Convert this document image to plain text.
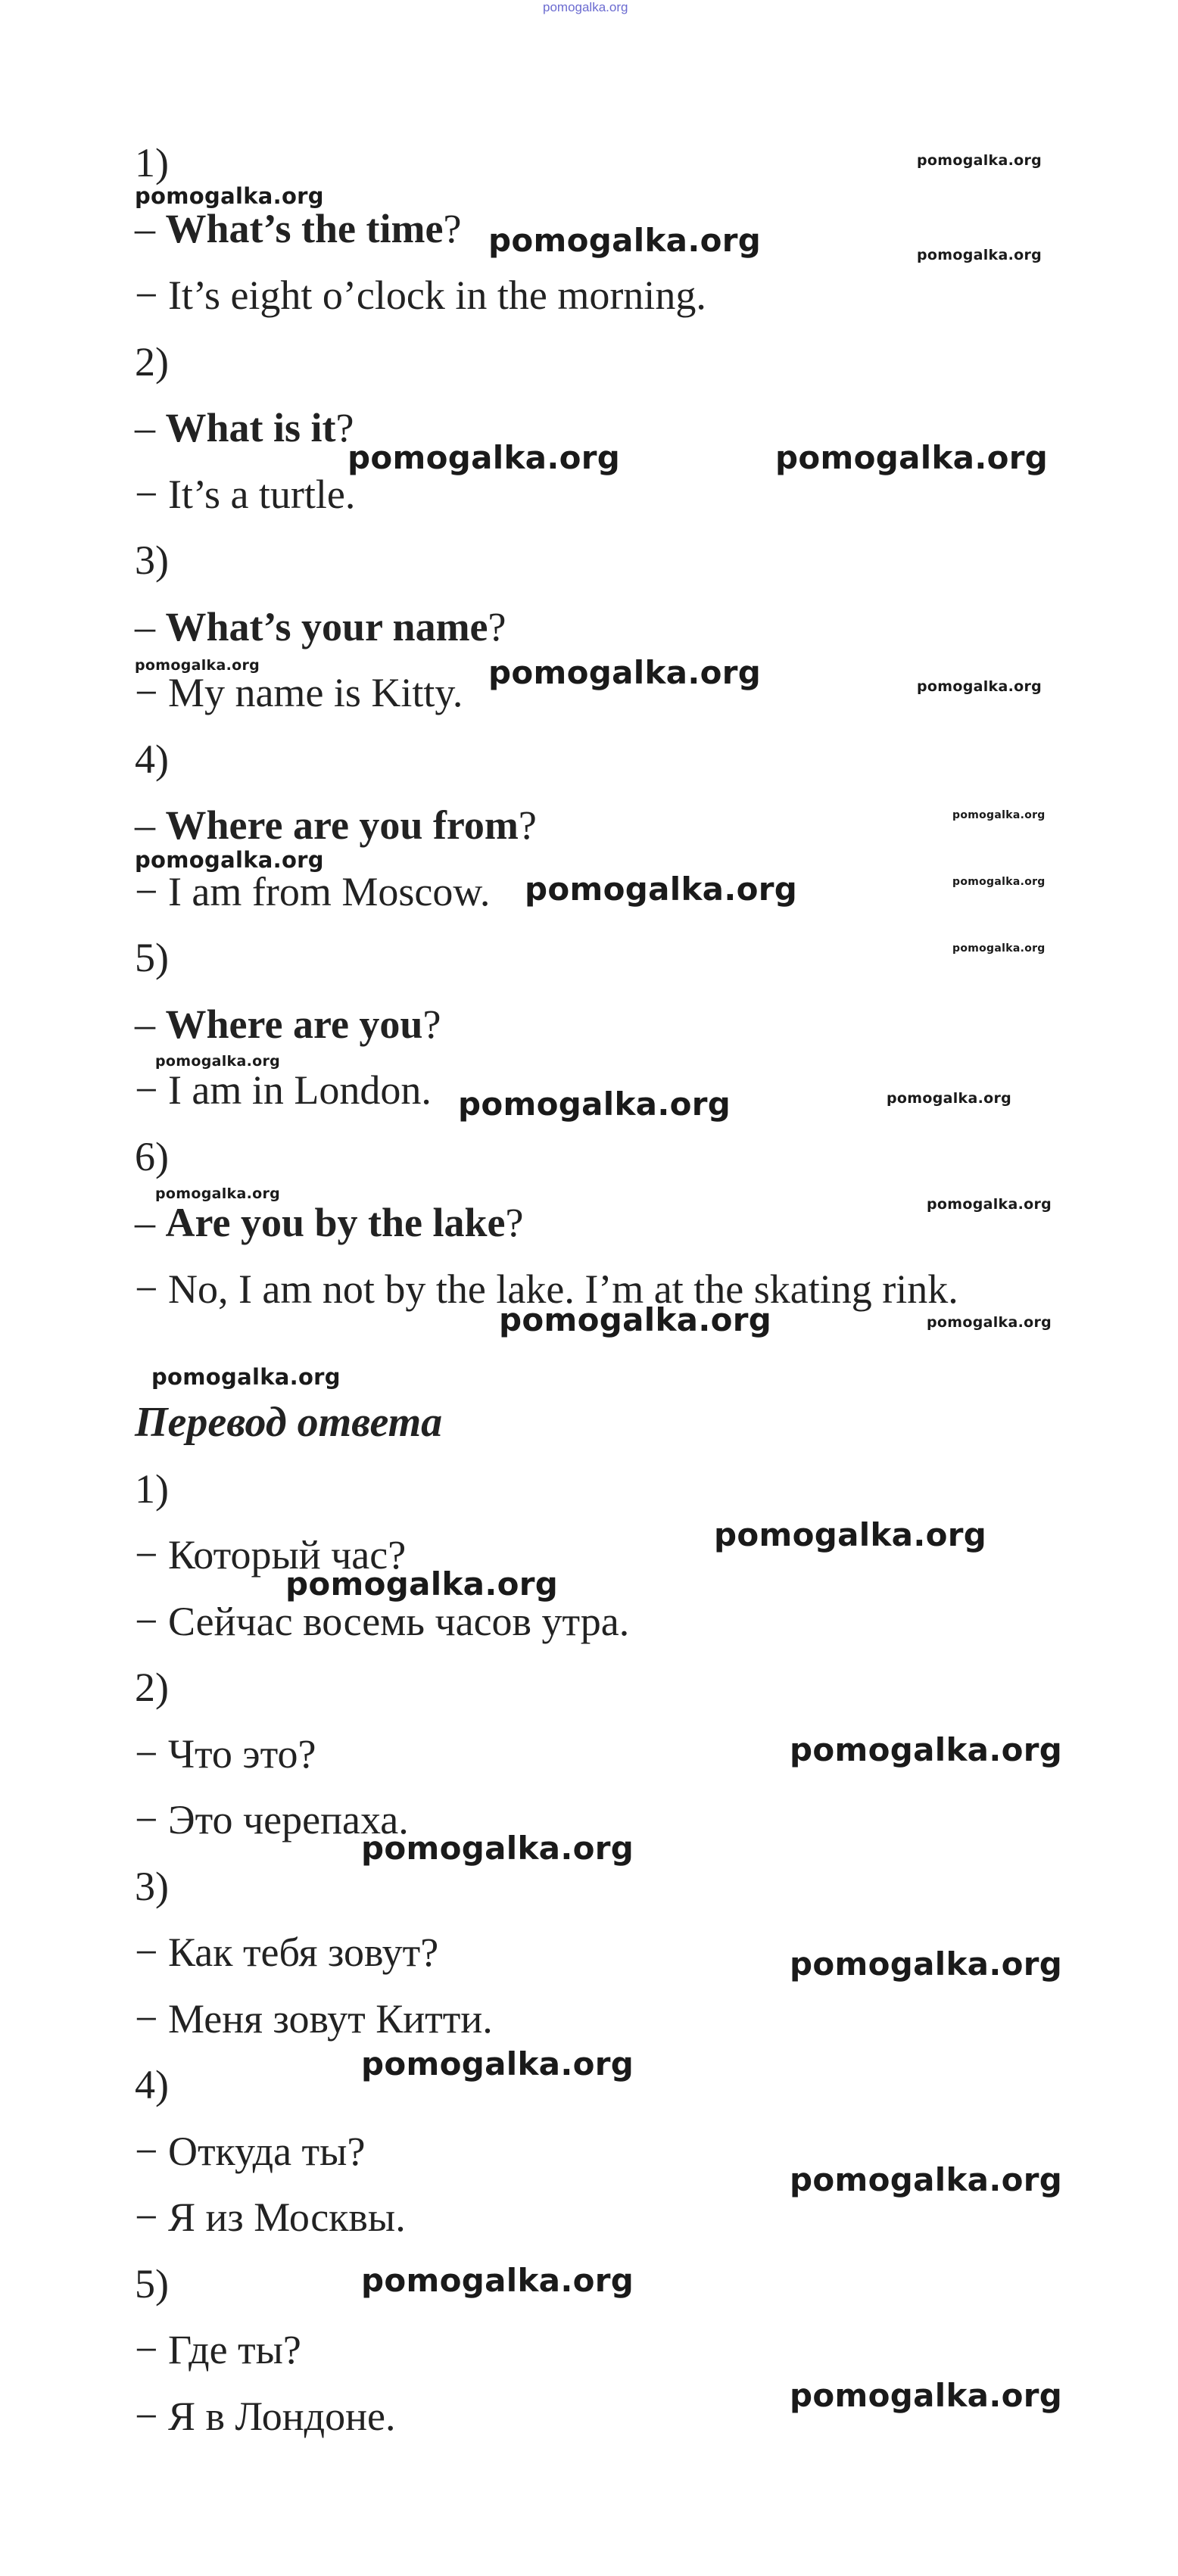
pomogalka.org

1)

– What’s the time?

− It’s eight o’clock in the morning.

2)

– What is it?

− It’s a turtle.

3)

– What’s your name?

− My name is Kitty.

4)

– Where are you from?

− I am from Moscow.

5)

– Where are you?

− I am in London.

6)

– Are you by the lake?

− No, I am not by the lake. I’m at the skating rink.

Перевод ответа

1)

− Который час?

− Сейчас восемь часов утра.

2)

− Что это?

− Это черепаха.

3)

− Как тебя зовут?

− Меня зовут Китти.

4)

− Откуда ты?

− Я из Москвы.

5)

− Где ты?

− Я в Лондоне.

pomogalka.org
pomogalka.org
pomogalka.org	pomogalka.org
pomogalka.org	pomogalka.org
pomogalka.org	pomogalka.org	pomogalka.org
pomogalka.org
pomogalka.org
pomogalka.org	pomogalka.org
pomogalka.org
pomogalka.org
pomogalka.org	pomogalka.org
pomogalka.org
pomogalka.org
pomogalka.org	pomogalka.org
pomogalka.org
pomogalka.org
pomogalka.org
pomogalka.org
pomogalka.org
pomogalka.org
pomogalka.org
pomogalka.org
pomogalka.org
pomogalka.org
